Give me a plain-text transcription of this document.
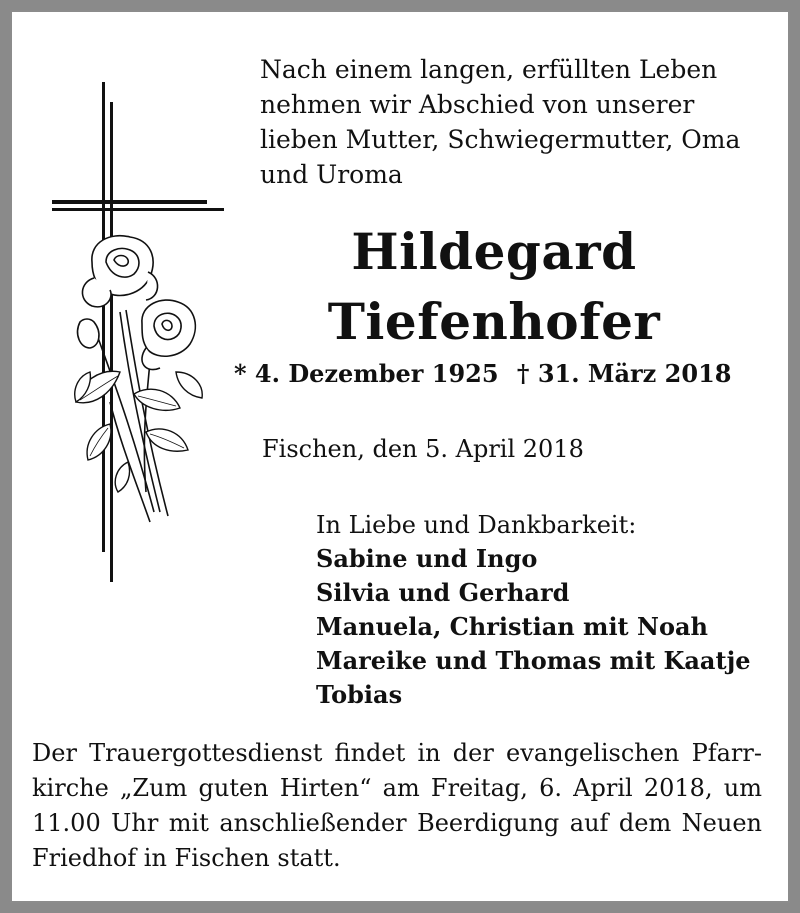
Nach einem langen, erfüllten Leben
nehmen wir Abschied von unserer
lieben Mutter, Schwiegermutter, Oma
und Uroma
Hildegard
Tiefenhofer
* 4. Dezember 1925 † 31. März 2018
Fischen, den 5. April 2018
In Liebe und Dankbarkeit:
Sabine und Ingo
Silvia und Gerhard
Manuela, Christian mit Noah
Mareike und Thomas mit Kaatje
Tobias
Der Trauergottesdienst findet in der evangelischen Pfarr-kirche „Zum guten Hirten“ am Freitag, 6. April 2018, um 11.00 Uhr mit anschließender Beerdigung auf dem Neuen Friedhof in Fischen statt.
